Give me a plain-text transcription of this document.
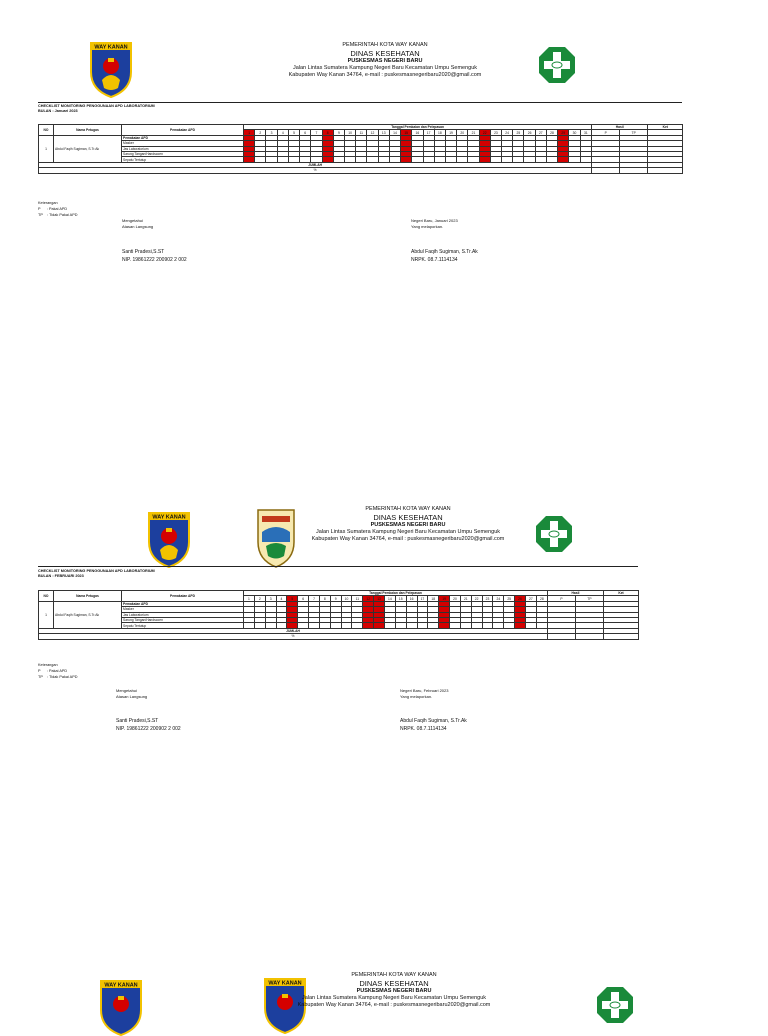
WAY KANAN	PEMERINTAH KOTA WAY KANAN
DINAS KESEHATAN
PUSKESMAS NEGERI BARU
Jalan Lintas Sumatera Kampung Negeri Baru Kecamatan Umpu Semenguk
Kabupaten Way Kanan 34764, e-mail : puskesmasnegeribaru2020@gmail.com
CHECKLIST MONITORING PENGGUNAAN APD LABORATORIUM
BULAN : Januari 2023
NO	Nama Petugas	Pemakaian APD	Tanggal Pemkaian dan Pelepasan																															Hasil		Ket
			1	2	3	4	5	6	7	8	9	10	11	12	13	14	15	16	17	18	19	20	21	22	23	24	25	26	27	28	29	30	31	P	TP	
1	Abdul Faqih Sugiman, S.Tr.Ak	Pemakaian APD																																		
		Masker																																		
		Jas Laboratorium																																		
		Sarung Tangan/Handscoen																																		
		Sepatu Tertutup																																		
JUMLAH																																				
%																																				
Keterangan
P : Pakai APD
TP : Tidak Pakai APD
Mengetahui
Atasan Langsung
Santi Pradesi,S.ST
NIP. 19861222 200902 2 002
Negeri Baru, Januari 2023
Yang melaporkan.
Abdul Faqih Sugiman, S.Tr.Ak
NRPK. 08.7.1114134
WAY KANAN
PEMERINTAH KOTA WAY KANAN
DINAS KESEHATAN
PUSKESMAS NEGERI BARU
Jalan Lintas Sumatera Kampung Negeri Baru Kecamatan Umpu Semenguk
Kabupaten Way Kanan 34764, e-mail : puskesmasnegeribaru2020@gmail.com
CHECKLIST MONITORING PENGGUNAAN APD LABORATORIUM
BULAN : FEBRUARI 2023
NO	Nama Petugas	Pemakaian APD	Tanggal Pemkaian dan Pelepasan																												Hasil		Ket
			1	2	3	4	5	6	7	8	9	10	11	12	13	14	15	16	17	18	19	20	21	22	23	24	25	26	27	28	P	TP	
1	Abdul Faqih Sugiman, S.Tr.Ak	Pemakaian APD																															
		Masker																															
		Jas Laboratorium																															
		Sarung Tangan/Handscoen																															
		Sepatu Tertutup																															
JUMLAH																																	
%																																	
Keterangan
P : Pakai APD
TP : Tidak Pakai APD
Mengetahui
Atasan Langsung
Santi Pradesi,S.ST
NIP. 19861222 200902 2 002
Negeri Baru, Februari 2023
Yang melaporkan.
Abdul Faqih Sugiman, S.Tr.Ak
NRPK. 08.7.1114134
WAY KANAN	WAY KANAN
PEMERINTAH KOTA WAY KANAN
DINAS KESEHATAN
PUSKESMAS NEGERI BARU
Jalan Lintas Sumatera Kampung Negeri Baru Kecamatan Umpu Semenguk
Kabupaten Way Kanan 34764, e-mail : puskesmasnegeribaru2020@gmail.com
